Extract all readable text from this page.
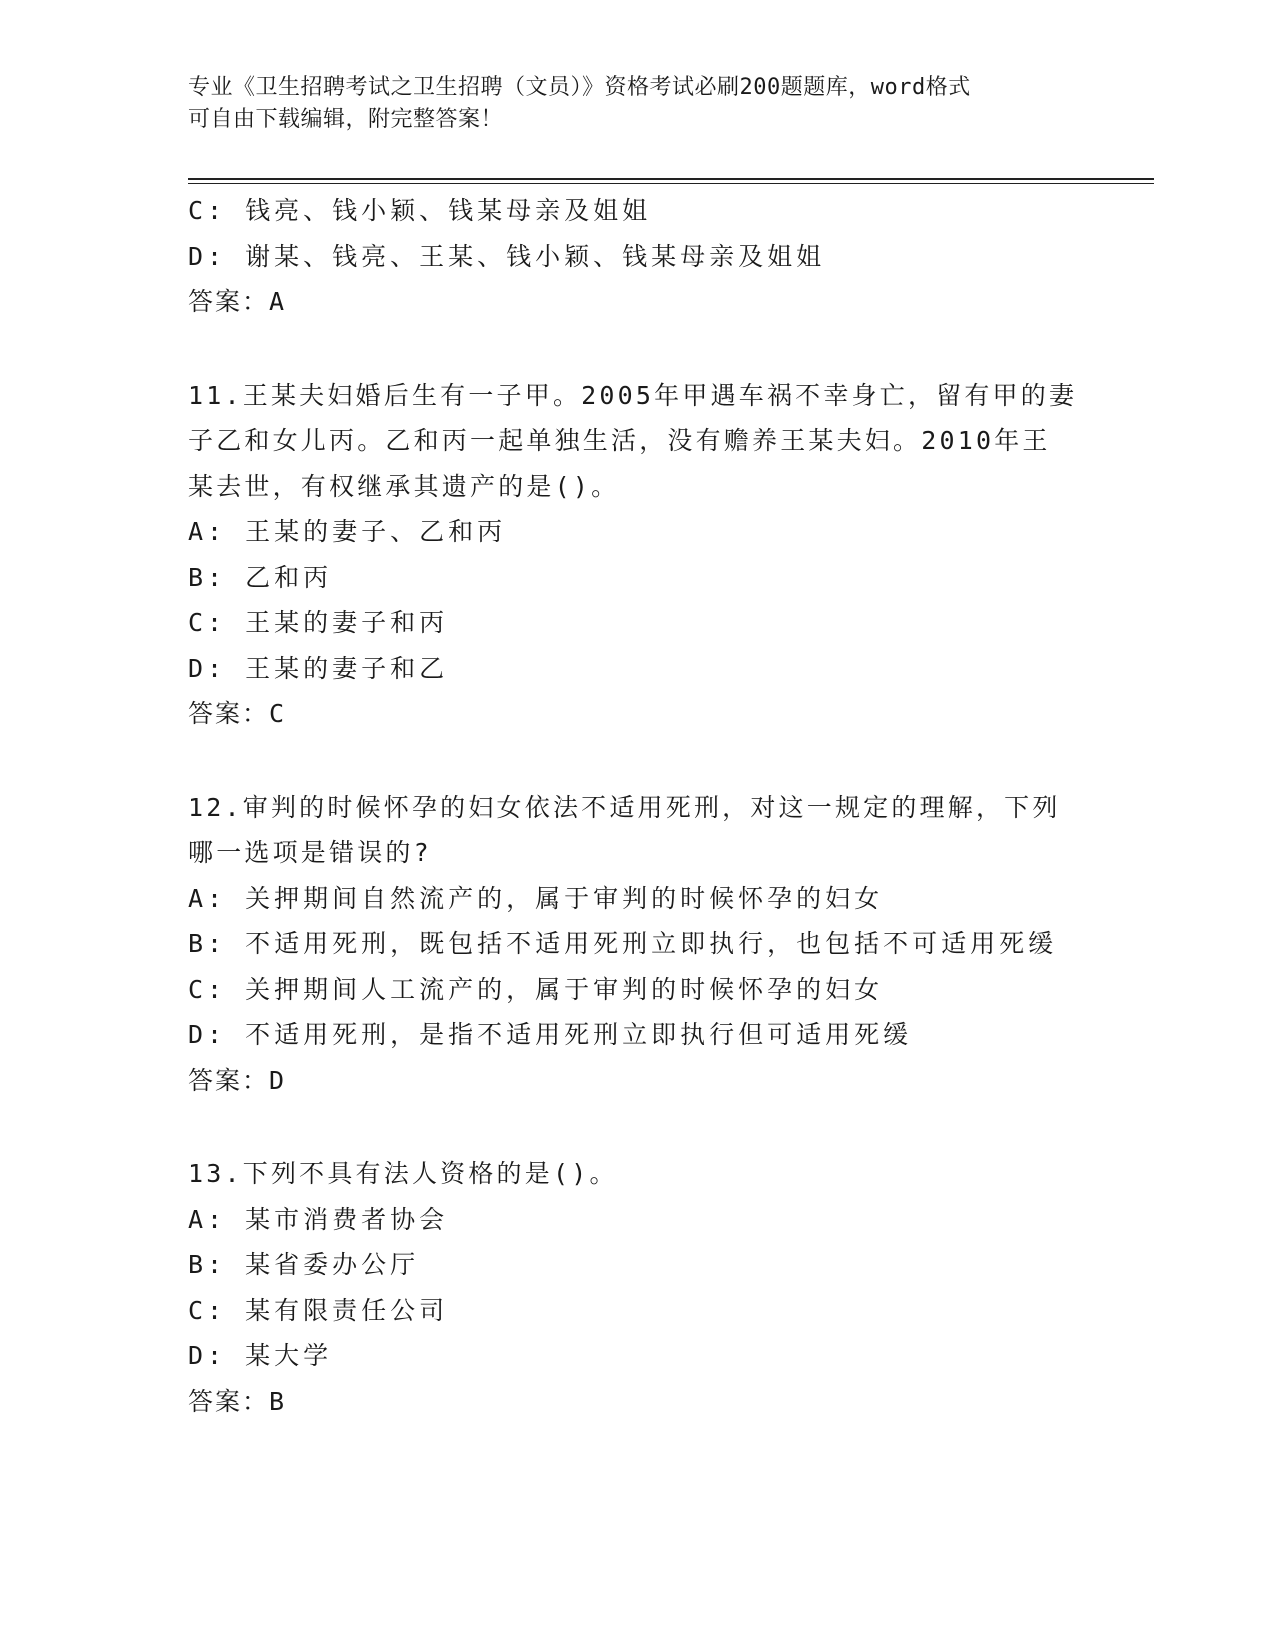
专业《卫生招聘考试之卫生招聘（文员）》资格考试必刷200题题库，word格式
可自由下载编辑，附完整答案！
C: 钱亮、钱小颖、钱某母亲及姐姐
D: 谢某、钱亮、王某、钱小颖、钱某母亲及姐姐
答案：A
11.王某夫妇婚后生有一子甲。2005年甲遇车祸不幸身亡，留有甲的妻
子乙和女儿丙。乙和丙一起单独生活，没有赡养王某夫妇。2010年王
某去世，有权继承其遗产的是()。
A: 王某的妻子、乙和丙
B: 乙和丙
C: 王某的妻子和丙
D: 王某的妻子和乙
答案：C
12.审判的时候怀孕的妇女依法不适用死刑，对这一规定的理解，下列
哪一选项是错误的?
A: 关押期间自然流产的，属于审判的时候怀孕的妇女
B: 不适用死刑，既包括不适用死刑立即执行，也包括不可适用死缓
C: 关押期间人工流产的，属于审判的时候怀孕的妇女
D: 不适用死刑，是指不适用死刑立即执行但可适用死缓
答案：D
13.下列不具有法人资格的是()。
A: 某市消费者协会
B: 某省委办公厅
C: 某有限责任公司
D: 某大学
答案：B
